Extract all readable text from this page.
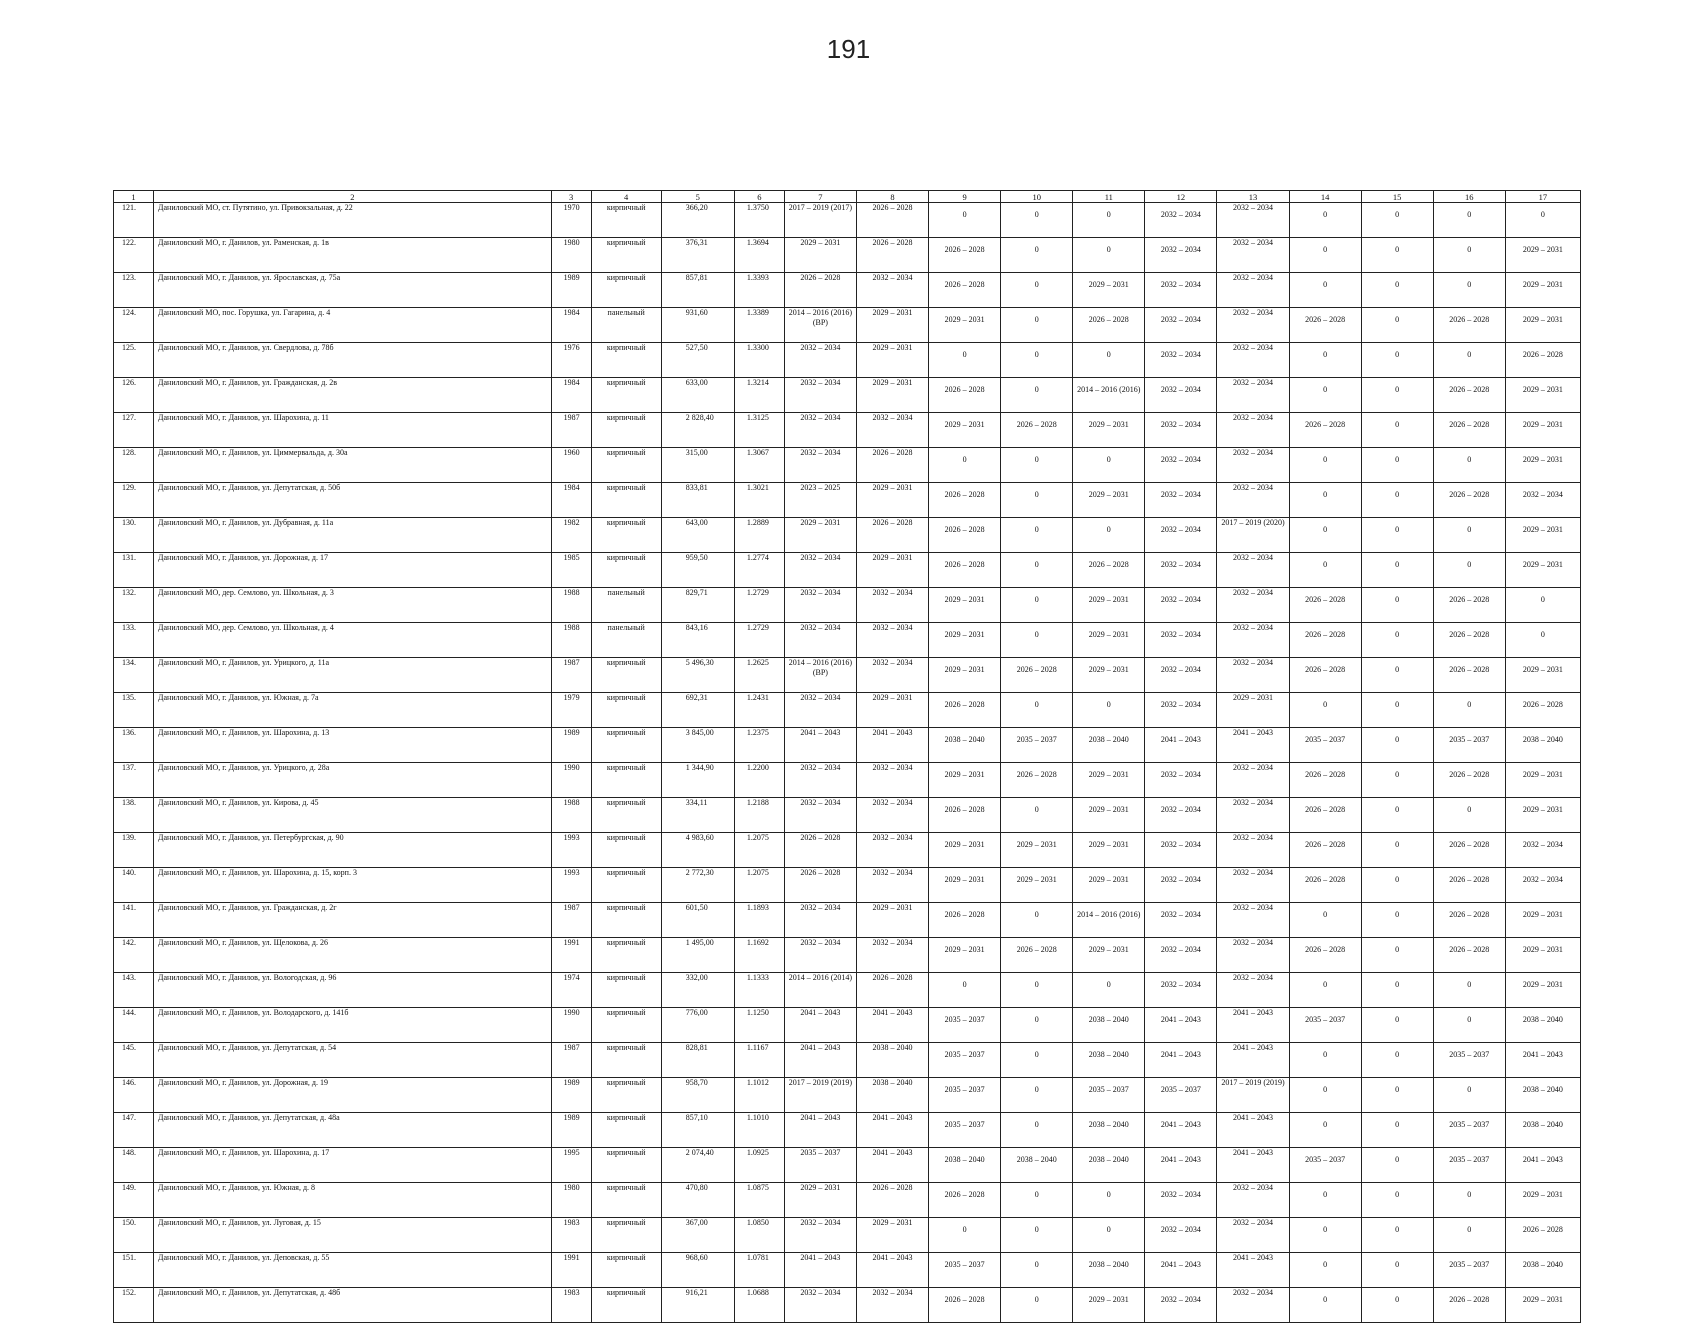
191
1	2	3	4	5	6	7	8	9	10	11	12	13	14	15	16	17
121.	Даниловский МО, ст. Путятино, ул. Привокзальная, д. 22	1970	кирпичный	366,20	1.3750	2017 – 2019 (2017)	2026 – 2028	0	0	0	2032 – 2034	2032 – 2034	0	0	0	0
122.	Даниловский МО, г. Данилов, ул. Раменская, д. 1в	1980	кирпичный	376,31	1.3694	2029 – 2031	2026 – 2028	2026 – 2028	0	0	2032 – 2034	2032 – 2034	0	0	0	2029 – 2031
123.	Даниловский МО, г. Данилов, ул. Ярославская, д. 75а	1989	кирпичный	857,81	1.3393	2026 – 2028	2032 – 2034	2026 – 2028	0	2029 – 2031	2032 – 2034	2032 – 2034	0	0	0	2029 – 2031
124.	Даниловский МО, пос. Горушка, ул. Гагарина, д. 4	1984	панельный	931,60	1.3389	2014 – 2016 (2016) (ВР)	2029 – 2031	2029 – 2031	0	2026 – 2028	2032 – 2034	2032 – 2034	2026 – 2028	0	2026 – 2028	2029 – 2031
125.	Даниловский МО, г. Данилов, ул. Свердлова, д. 78б	1976	кирпичный	527,50	1.3300	2032 – 2034	2029 – 2031	0	0	0	2032 – 2034	2032 – 2034	0	0	0	2026 – 2028
126.	Даниловский МО, г. Данилов, ул. Гражданская, д. 2в	1984	кирпичный	633,00	1.3214	2032 – 2034	2029 – 2031	2026 – 2028	0	2014 – 2016 (2016)	2032 – 2034	2032 – 2034	0	0	2026 – 2028	2029 – 2031
127.	Даниловский МО, г. Данилов, ул. Шарохина, д. 11	1987	кирпичный	2 828,40	1.3125	2032 – 2034	2032 – 2034	2029 – 2031	2026 – 2028	2029 – 2031	2032 – 2034	2032 – 2034	2026 – 2028	0	2026 – 2028	2029 – 2031
128.	Даниловский МО, г. Данилов, ул. Циммервальда, д. 30а	1960	кирпичный	315,00	1.3067	2032 – 2034	2026 – 2028	0	0	0	2032 – 2034	2032 – 2034	0	0	0	2029 – 2031
129.	Даниловский МО, г. Данилов, ул. Депутатская, д. 50б	1984	кирпичный	833,81	1.3021	2023 – 2025	2029 – 2031	2026 – 2028	0	2029 – 2031	2032 – 2034	2032 – 2034	0	0	2026 – 2028	2032 – 2034
130.	Даниловский МО, г. Данилов, ул. Дубравная, д. 11а	1982	кирпичный	643,00	1.2889	2029 – 2031	2026 – 2028	2026 – 2028	0	0	2032 – 2034	2017 – 2019 (2020)	0	0	0	2029 – 2031
131.	Даниловский МО, г. Данилов, ул. Дорожная, д. 17	1985	кирпичный	959,50	1.2774	2032 – 2034	2029 – 2031	2026 – 2028	0	2026 – 2028	2032 – 2034	2032 – 2034	0	0	0	2029 – 2031
132.	Даниловский МО, дер. Семлово, ул. Школьная, д. 3	1988	панельный	829,71	1.2729	2032 – 2034	2032 – 2034	2029 – 2031	0	2029 – 2031	2032 – 2034	2032 – 2034	2026 – 2028	0	2026 – 2028	0
133.	Даниловский МО, дер. Семлово, ул. Школьная, д. 4	1988	панельный	843,16	1.2729	2032 – 2034	2032 – 2034	2029 – 2031	0	2029 – 2031	2032 – 2034	2032 – 2034	2026 – 2028	0	2026 – 2028	0
134.	Даниловский МО, г. Данилов, ул. Урицкого, д. 11а	1987	кирпичный	5 496,30	1.2625	2014 – 2016 (2016) (ВР)	2032 – 2034	2029 – 2031	2026 – 2028	2029 – 2031	2032 – 2034	2032 – 2034	2026 – 2028	0	2026 – 2028	2029 – 2031
135.	Даниловский МО, г. Данилов, ул. Южная, д. 7а	1979	кирпичный	692,31	1.2431	2032 – 2034	2029 – 2031	2026 – 2028	0	0	2032 – 2034	2029 – 2031	0	0	0	2026 – 2028
136.	Даниловский МО, г. Данилов, ул. Шарохина, д. 13	1989	кирпичный	3 845,00	1.2375	2041 – 2043	2041 – 2043	2038 – 2040	2035 – 2037	2038 – 2040	2041 – 2043	2041 – 2043	2035 – 2037	0	2035 – 2037	2038 – 2040
137.	Даниловский МО, г. Данилов, ул. Урицкого, д. 28а	1990	кирпичный	1 344,90	1.2200	2032 – 2034	2032 – 2034	2029 – 2031	2026 – 2028	2029 – 2031	2032 – 2034	2032 – 2034	2026 – 2028	0	2026 – 2028	2029 – 2031
138.	Даниловский МО, г. Данилов, ул. Кирова, д. 45	1988	кирпичный	334,11	1.2188	2032 – 2034	2032 – 2034	2026 – 2028	0	2029 – 2031	2032 – 2034	2032 – 2034	2026 – 2028	0	0	2029 – 2031
139.	Даниловский МО, г. Данилов, ул. Петербургская, д. 90	1993	кирпичный	4 983,60	1.2075	2026 – 2028	2032 – 2034	2029 – 2031	2029 – 2031	2029 – 2031	2032 – 2034	2032 – 2034	2026 – 2028	0	2026 – 2028	2032 – 2034
140.	Даниловский МО, г. Данилов, ул. Шарохина, д. 15, корп. 3	1993	кирпичный	2 772,30	1.2075	2026 – 2028	2032 – 2034	2029 – 2031	2029 – 2031	2029 – 2031	2032 – 2034	2032 – 2034	2026 – 2028	0	2026 – 2028	2032 – 2034
141.	Даниловский МО, г. Данилов, ул. Гражданская, д. 2г	1987	кирпичный	601,50	1.1893	2032 – 2034	2029 – 2031	2026 – 2028	0	2014 – 2016 (2016)	2032 – 2034	2032 – 2034	0	0	2026 – 2028	2029 – 2031
142.	Даниловский МО, г. Данилов, ул. Щелокова, д. 26	1991	кирпичный	1 495,00	1.1692	2032 – 2034	2032 – 2034	2029 – 2031	2026 – 2028	2029 – 2031	2032 – 2034	2032 – 2034	2026 – 2028	0	2026 – 2028	2029 – 2031
143.	Даниловский МО, г. Данилов, ул. Вологодская, д. 96	1974	кирпичный	332,00	1.1333	2014 – 2016 (2014)	2026 – 2028	0	0	0	2032 – 2034	2032 – 2034	0	0	0	2029 – 2031
144.	Даниловский МО, г. Данилов, ул. Володарского, д. 141б	1990	кирпичный	776,00	1.1250	2041 – 2043	2041 – 2043	2035 – 2037	0	2038 – 2040	2041 – 2043	2041 – 2043	2035 – 2037	0	0	2038 – 2040
145.	Даниловский МО, г. Данилов, ул. Депутатская, д. 54	1987	кирпичный	828,81	1.1167	2041 – 2043	2038 – 2040	2035 – 2037	0	2038 – 2040	2041 – 2043	2041 – 2043	0	0	2035 – 2037	2041 – 2043
146.	Даниловский МО, г. Данилов, ул. Дорожная, д. 19	1989	кирпичный	958,70	1.1012	2017 – 2019 (2019)	2038 – 2040	2035 – 2037	0	2035 – 2037	2035 – 2037	2017 – 2019 (2019)	0	0	0	2038 – 2040
147.	Даниловский МО, г. Данилов, ул. Депутатская, д. 48а	1989	кирпичный	857,10	1.1010	2041 – 2043	2041 – 2043	2035 – 2037	0	2038 – 2040	2041 – 2043	2041 – 2043	0	0	2035 – 2037	2038 – 2040
148.	Даниловский МО, г. Данилов, ул. Шарохина, д. 17	1995	кирпичный	2 074,40	1.0925	2035 – 2037	2041 – 2043	2038 – 2040	2038 – 2040	2038 – 2040	2041 – 2043	2041 – 2043	2035 – 2037	0	2035 – 2037	2041 – 2043
149.	Даниловский МО, г. Данилов, ул. Южная, д. 8	1980	кирпичный	470,80	1.0875	2029 – 2031	2026 – 2028	2026 – 2028	0	0	2032 – 2034	2032 – 2034	0	0	0	2029 – 2031
150.	Даниловский МО, г. Данилов, ул. Луговая, д. 15	1983	кирпичный	367,00	1.0850	2032 – 2034	2029 – 2031	0	0	0	2032 – 2034	2032 – 2034	0	0	0	2026 – 2028
151.	Даниловский МО, г. Данилов, ул. Деповская, д. 55	1991	кирпичный	968,60	1.0781	2041 – 2043	2041 – 2043	2035 – 2037	0	2038 – 2040	2041 – 2043	2041 – 2043	0	0	2035 – 2037	2038 – 2040
152.	Даниловский МО, г. Данилов, ул. Депутатская, д. 48б	1983	кирпичный	916,21	1.0688	2032 – 2034	2032 – 2034	2026 – 2028	0	2029 – 2031	2032 – 2034	2032 – 2034	0	0	2026 – 2028	2029 – 2031
